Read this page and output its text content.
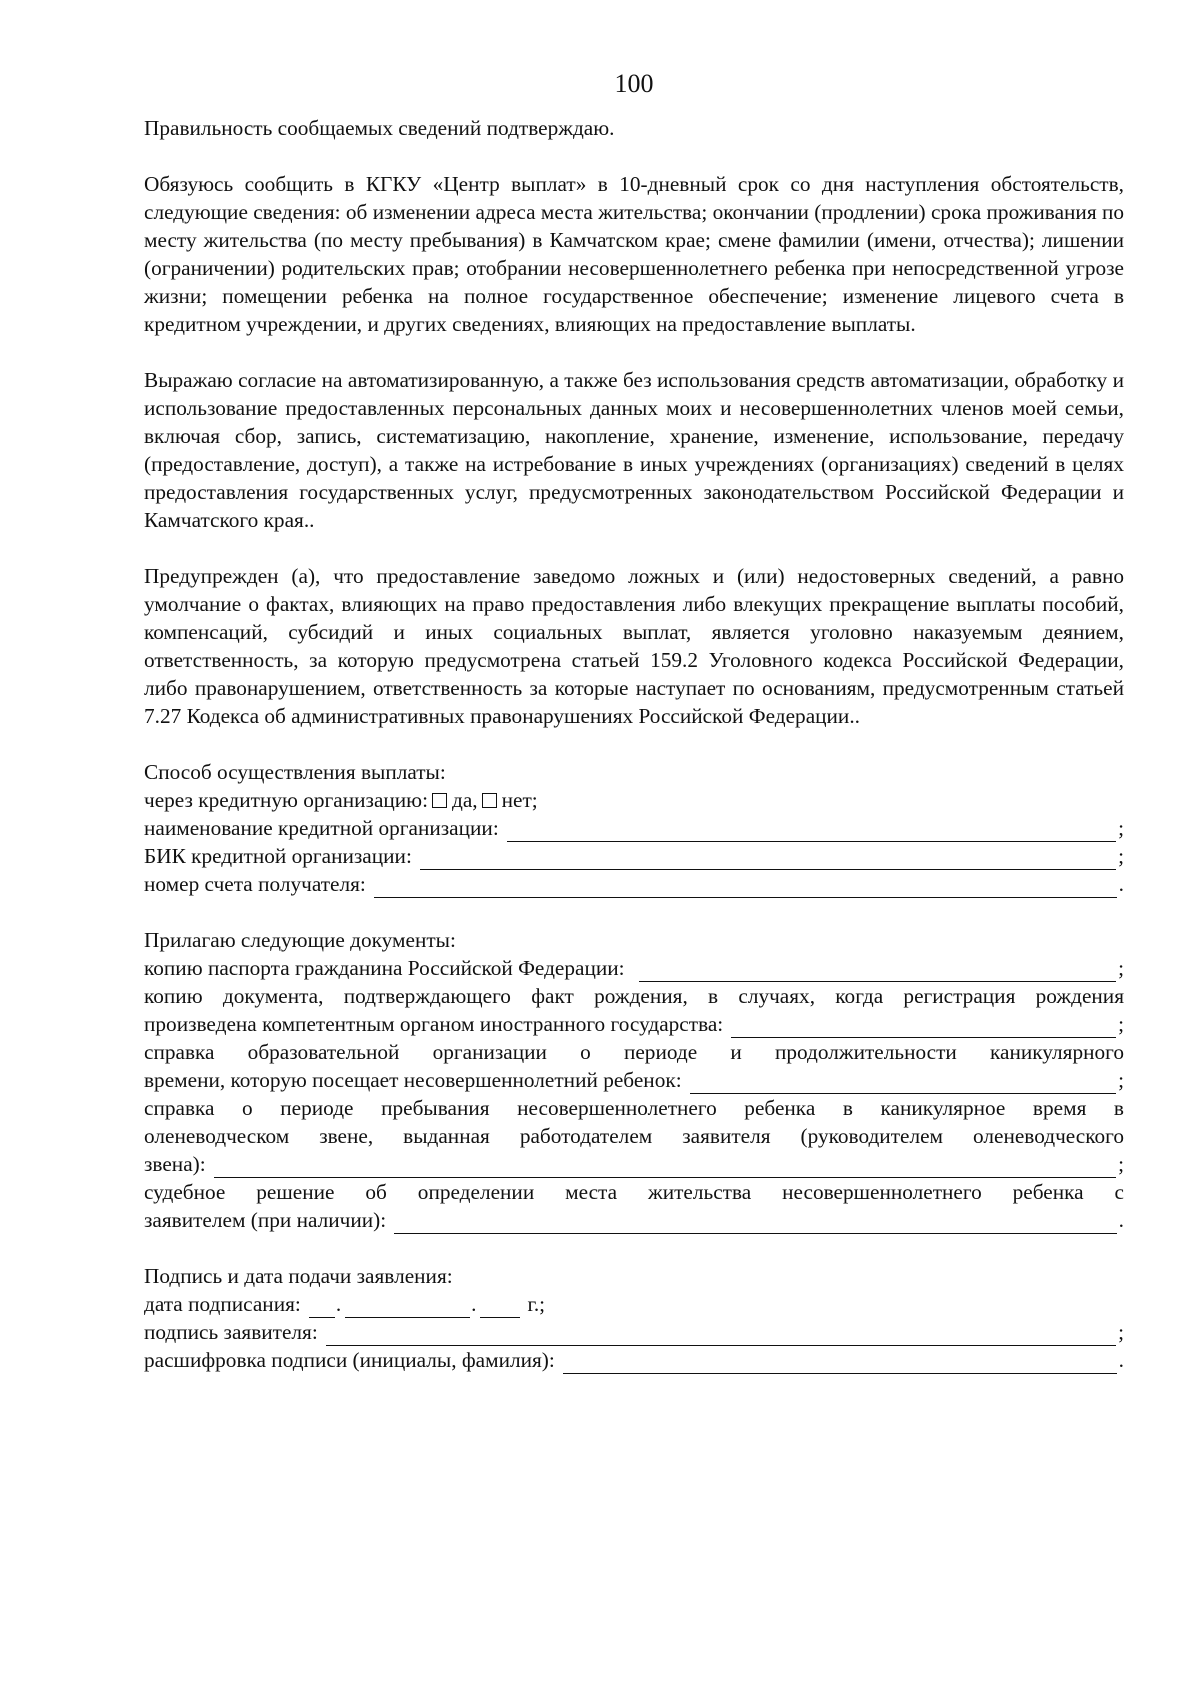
100

Правильность сообщаемых сведений подтверждаю.

Обязуюсь сообщить в КГКУ «Центр выплат» в 10-дневный срок со дня наступления обстоятельств, следующие сведения: об изменении адреса места жительства; окончании (продлении) срока проживания по месту жительства (по месту пребывания) в Камчатском крае; смене фамилии (имени, отчества); лишении (ограничении) родительских прав; отобрании несовершеннолетнего ребенка при непосредственной угрозе жизни; помещении ребенка на полное государственное обеспечение; изменение лицевого счета в кредитном учреждении, и других сведениях, влияющих на предоставление выплаты.

Выражаю согласие на автоматизированную, а также без использования средств автоматизации, обработку и использование предоставленных персональных данных моих и несовершеннолетних членов моей семьи, включая сбор, запись, систематизацию, накопление, хранение, изменение, использование, передачу (предоставление, доступ), а также на истребование в иных учреждениях (организациях) сведений в целях предоставления государственных услуг, предусмотренных законодательством Российской Федерации и Камчатского края..

Предупрежден (а), что предоставление заведомо ложных и (или) недостоверных сведений, а равно умолчание о фактах, влияющих на право предоставления либо влекущих прекращение выплаты пособий, компенсаций, субсидий и иных социальных выплат, является уголовно наказуемым деянием, ответственность, за которую предусмотрена статьей 159.2 Уголовного кодекса Российской Федерации, либо правонарушением, ответственность за которые наступает по основаниям, предусмотренным статьей 7.27 Кодекса об административных правонарушениях Российской Федерации..

Способ осуществления выплаты:
через кредитную организацию: да, нет;
наименование кредитной организации:	;
БИК кредитной организации:	;
номер счета получателя:	.
Прилагаю следующие документы:
копию паспорта гражданина Российской Федерации:	;
копию документа, подтверждающего факт рождения, в случаях, когда регистрация рождения
произведена компетентным органом иностранного государства:	;
справка образовательной организации о периоде и продолжительности каникулярного
времени, которую посещает несовершеннолетний ребенок:	;
справка о периоде пребывания несовершеннолетнего ребенка в каникулярное время в
оленеводческом звене, выданная работодателем заявителя (руководителем оленеводческого
звена):	;
судебное решение об определении места жительства несовершеннолетнего ребенка с
заявителем (при наличии):	.
Подпись и дата подачи заявления:
дата подписания: .	. г.;
подпись заявителя:	;
расшифровка подписи (инициалы, фамилия):	.
